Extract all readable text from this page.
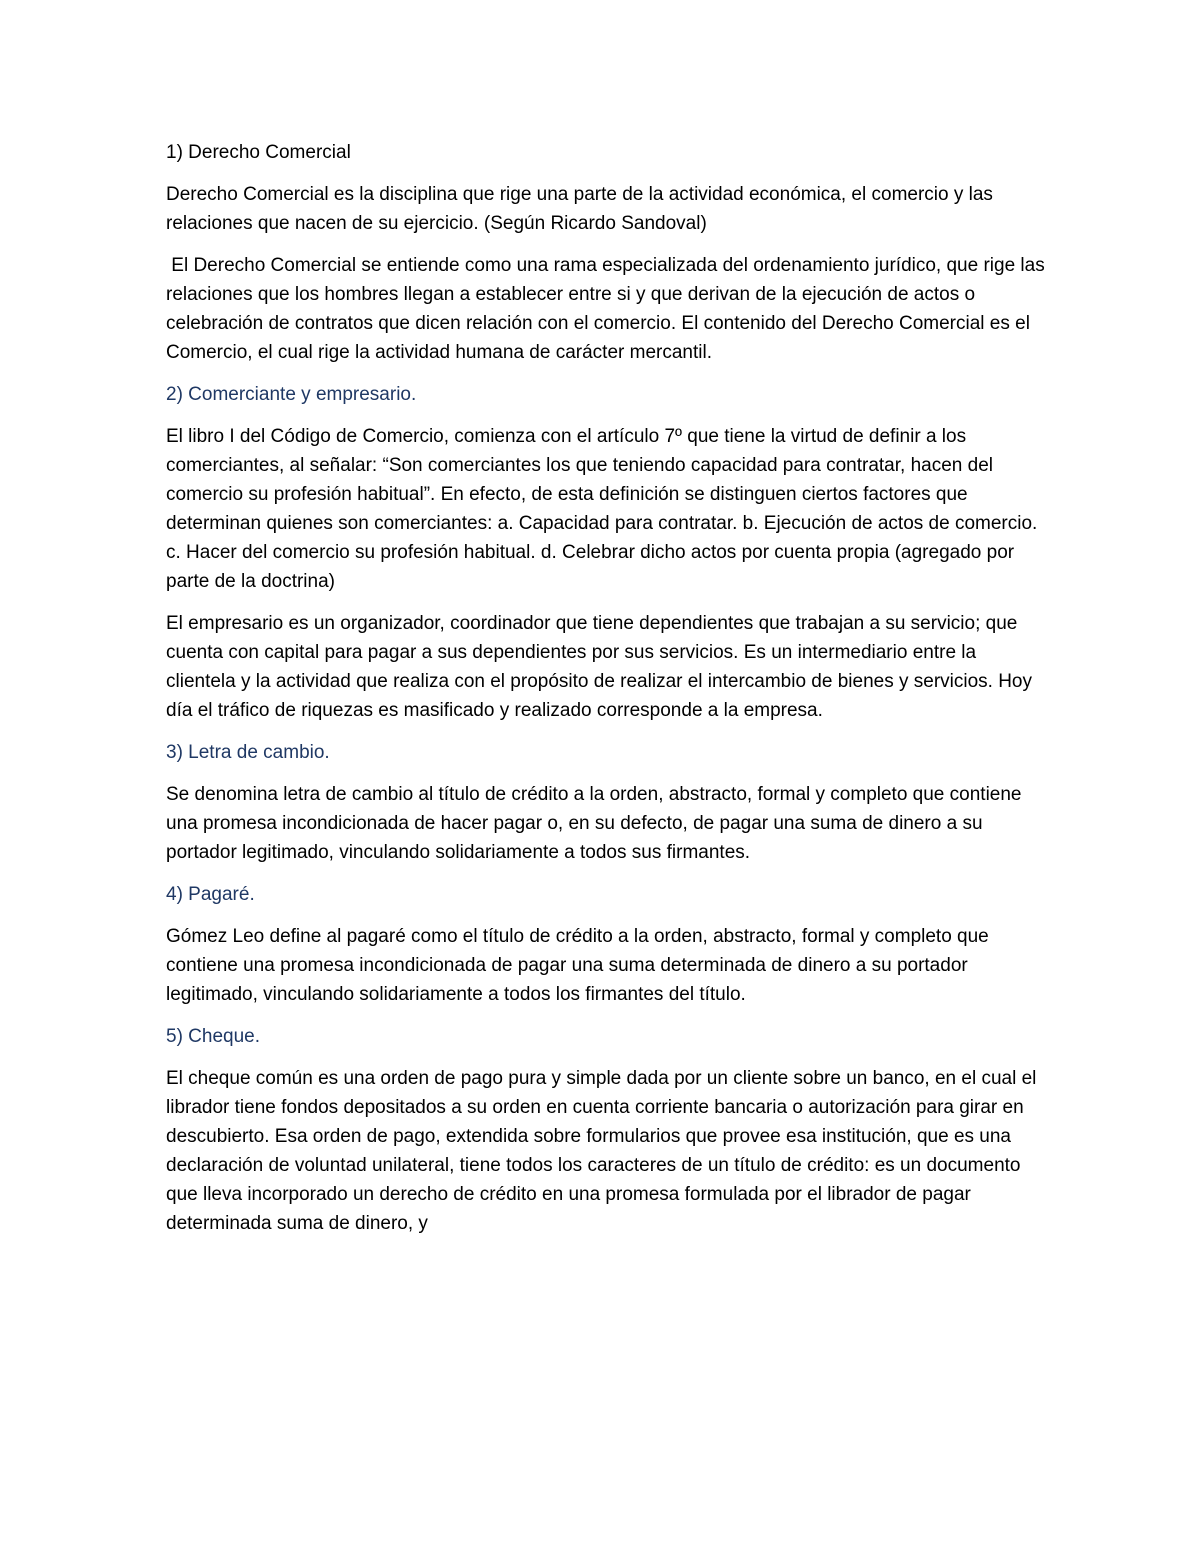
1) Derecho Comercial

Derecho Comercial es la disciplina que rige una parte de la actividad económica, el comercio y las relaciones que nacen de su ejercicio. (Según Ricardo Sandoval)

El Derecho Comercial se entiende como una rama especializada del ordenamiento jurídico, que rige las relaciones que los hombres llegan a establecer entre si y que derivan de la ejecución de actos o celebración de contratos que dicen relación con el comercio. El contenido del Derecho Comercial es el Comercio, el cual rige la actividad humana de carácter mercantil.

2) Comerciante y empresario.

El libro I del Código de Comercio, comienza con el artículo 7º que tiene la virtud de definir a los comerciantes, al señalar: “Son comerciantes los que teniendo capacidad para contratar, hacen del comercio su profesión habitual”. En efecto, de esta definición se distinguen ciertos factores que determinan quienes son comerciantes: a. Capacidad para contratar. b. Ejecución de actos de comercio. c. Hacer del comercio su profesión habitual. d. Celebrar dicho actos por cuenta propia (agregado por parte de la doctrina)

El empresario es un organizador, coordinador que tiene dependientes que trabajan a su servicio; que cuenta con capital para pagar a sus dependientes por sus servicios. Es un intermediario entre la clientela y la actividad que realiza con el propósito de realizar el intercambio de bienes y servicios. Hoy día el tráfico de riquezas es masificado y realizado corresponde a la empresa.

3) Letra de cambio.

Se denomina letra de cambio al título de crédito a la orden, abstracto, formal y completo que contiene una promesa incondicionada de hacer pagar o, en su defecto, de pagar una suma de dinero a su portador legitimado, vinculando solidariamente a todos sus firmantes.

4) Pagaré.

Gómez Leo define al pagaré como el título de crédito a la orden, abstracto, formal y completo que contiene una promesa incondicionada de pagar una suma determinada de dinero a su portador legitimado, vinculando solidariamente a todos los firmantes del título.

5) Cheque.

El cheque común es una orden de pago pura y simple dada por un cliente sobre un banco, en el cual el librador tiene fondos depositados a su orden en cuenta corriente bancaria o autorización para girar en descubierto. Esa orden de pago, extendida sobre formularios que provee esa institución, que es una declaración de voluntad unilateral, tiene todos los caracteres de un título de crédito: es un documento que lleva incorporado un derecho de crédito en una promesa formulada por el librador de pagar determinada suma de dinero, y
